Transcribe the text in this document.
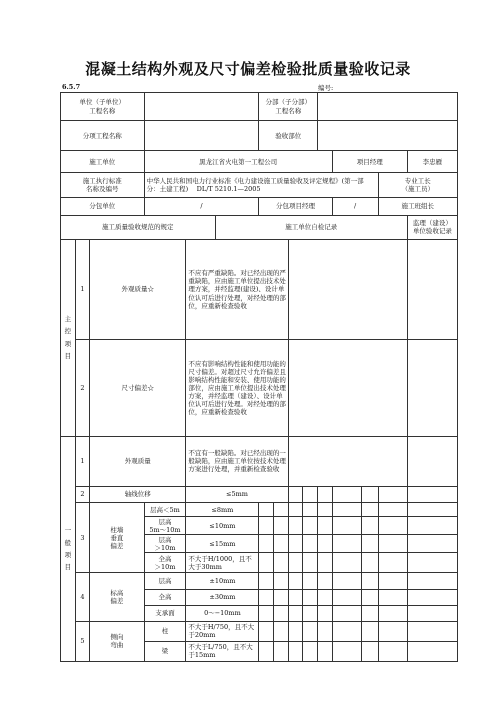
混凝土结构外观及尺寸偏差检验批质量验收记录
6.5.7	编号:
单位（子单位）
工程名称						分部（子分部）
工程名称								
分项工程名称						验收部位								
施工单位			黑龙江省火电第一工程公司								项目经理			李忠雁
施工执行标准
名称及编号			中华人民共和国电力行业标准《电力建设施工质量验收及评定规程》(第一部分：土建工程)　 DL/T 5210.1—2005										专业工长
（施工员）	
分包单位			/			分包项目经理					/		施工班组长	
施工质量验收规范的规定					施工单位自检记录									监理（建设）
单位验收记录
主
控
项
目	1	外观质量☆		不应有严重缺陷。对已经出现的严重缺陷，应由施工单位提出技术处理方案，并经监理(建设)、设计单位认可后进行处理，对经处理的部位，应重新检查验收										
	2	尺寸偏差☆		不应有影响结构性能和使用功能的尺寸偏差。对超过尺寸允许偏差且影响结构性能和安装、使用功能的部位，应由施工单位提出技术处理方案，并经监理（建设）、设计单位认可后进行处理。对经处理的部位，应重新检查验收										
一
般
项
目	1	外观质量		不宜有一般缺陷。对已经出现的一般缺陷，应由施工单位按技术处理方案进行处理，并重新检查验收										
	2	轴线位移		≤5mm										
	3	柱墙
垂直
偏差	层高＜5m	≤8mm										
			层高
5m～10m	≤10mm										
			层高
＞10m	≤15mm										
			全高
＞10m	不大于H/1000，且不大于30mm										
	4	标高
偏差	层高	±10mm										
			全高	±30mm										
			支承面	0～−10mm										
	5	侧向
弯曲	柱	不大于H/750，且不大于20mm										
			梁	不大于L/750，且不大于15mm										
